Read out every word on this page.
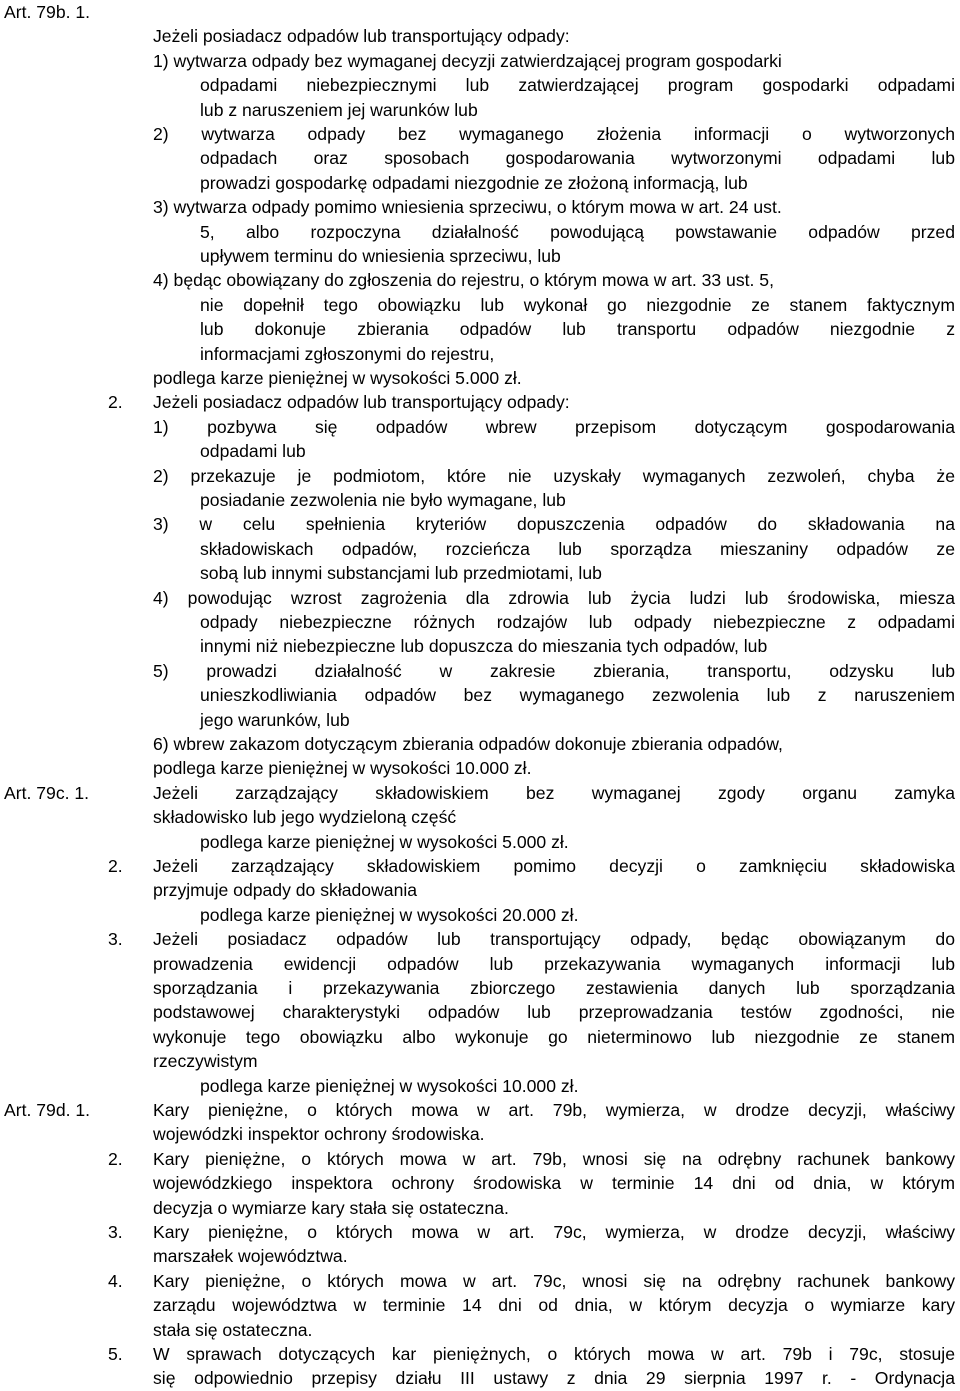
Art. 79b. 1.
Jeżeli posiadacz odpadów lub transportujący odpady:
1) wytwarza odpady bez wymaganej decyzji zatwierdzającej program gospodarki
odpadami niebezpiecznymi lub zatwierdzającej program gospodarki odpadami
lub z naruszeniem jej warunków lub
2) wytwarza odpady bez wymaganego złożenia informacji o wytworzonych
odpadach oraz sposobach gospodarowania wytworzonymi odpadami lub
prowadzi gospodarkę odpadami niezgodnie ze złożoną informacją, lub
3) wytwarza odpady pomimo wniesienia sprzeciwu, o którym mowa w art. 24 ust.
5, albo rozpoczyna działalność powodującą powstawanie odpadów przed
upływem terminu do wniesienia sprzeciwu, lub
4) będąc obowiązany do zgłoszenia do rejestru, o którym mowa w art. 33 ust. 5,
nie dopełnił tego obowiązku lub wykonał go niezgodnie ze stanem faktycznym
lub dokonuje zbierania odpadów lub transportu odpadów niezgodnie z
informacjami zgłoszonymi do rejestru,
podlega karze pieniężnej w wysokości 5.000 zł.
2. Jeżeli posiadacz odpadów lub transportujący odpady:
1) pozbywa się odpadów wbrew przepisom dotyczącym gospodarowania
odpadami lub
2) przekazuje je podmiotom, które nie uzyskały wymaganych zezwoleń, chyba że
posiadanie zezwolenia nie było wymagane, lub
3) w celu spełnienia kryteriów dopuszczenia odpadów do składowania na
składowiskach odpadów, rozcieńcza lub sporządza mieszaniny odpadów ze
sobą lub innymi substancjami lub przedmiotami, lub
4) powodując wzrost zagrożenia dla zdrowia lub życia ludzi lub środowiska, miesza
odpady niebezpieczne różnych rodzajów lub odpady niebezpieczne z odpadami
innymi niż niebezpieczne lub dopuszcza do mieszania tych odpadów, lub
5) prowadzi działalność w zakresie zbierania, transportu, odzysku lub
unieszkodliwiania odpadów bez wymaganego zezwolenia lub z naruszeniem
jego warunków, lub
6) wbrew zakazom dotyczącym zbierania odpadów dokonuje zbierania odpadów,
podlega karze pieniężnej w wysokości 10.000 zł.
Art. 79c. 1.	Jeżeli zarządzający składowiskiem bez wymaganej zgody organu zamyka
składowisko lub jego wydzieloną część
podlega karze pieniężnej w wysokości 5.000 zł.
2. Jeżeli zarządzający składowiskiem pomimo decyzji o zamknięciu składowiska
przyjmuje odpady do składowania
podlega karze pieniężnej w wysokości 20.000 zł.
3. Jeżeli posiadacz odpadów lub transportujący odpady, będąc obowiązanym do
prowadzenia ewidencji odpadów lub przekazywania wymaganych informacji lub
sporządzania i przekazywania zbiorczego zestawienia danych lub sporządzania
podstawowej charakterystyki odpadów lub przeprowadzania testów zgodności, nie
wykonuje tego obowiązku albo wykonuje go nieterminowo lub niezgodnie ze stanem
rzeczywistym
podlega karze pieniężnej w wysokości 10.000 zł.
Art. 79d. 1.	Kary pieniężne, o których mowa w art. 79b, wymierza, w drodze decyzji, właściwy
wojewódzki inspektor ochrony środowiska.
2. Kary pieniężne, o których mowa w art. 79b, wnosi się na odrębny rachunek bankowy
wojewódzkiego inspektora ochrony środowiska w terminie 14 dni od dnia, w którym
decyzja o wymiarze kary stała się ostateczna.
3. Kary pieniężne, o których mowa w art. 79c, wymierza, w drodze decyzji, właściwy
marszałek województwa.
4. Kary pieniężne, o których mowa w art. 79c, wnosi się na odrębny rachunek bankowy
zarządu województwa w terminie 14 dni od dnia, w którym decyzja o wymiarze kary
stała się ostateczna.
5. W sprawach dotyczących kar pieniężnych, o których mowa w art. 79b i 79c, stosuje
się odpowiednio przepisy działu III ustawy z dnia 29 sierpnia 1997 r. - Ordynacja
